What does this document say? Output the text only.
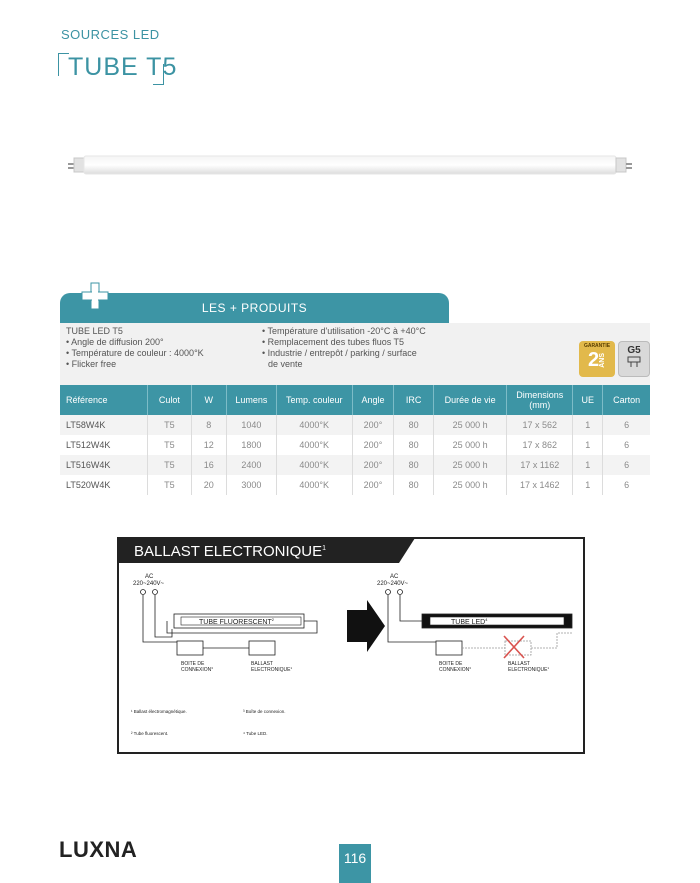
SOURCES LED
TUBE T5
LES + PRODUITS
TUBE LED T5
• Angle de diffusion 200°
• Température de couleur : 4000°K
• Flicker free
• Température d'utilisation -20°C à +40°C
• Remplacement des tubes fluos T5
• Industrie / entrepôt / parking / surface
de vente
GARANTIE
2 ANS
G5
Référence	Culot	W	Lumens	Temp. couleur	Angle	IRC	Durée de vie	Dimensions (mm)	UE	Carton
LT58W4K	T5	8	1040	4000°K	200°	80	25 000 h	17 x 562	1	6
LT512W4K	T5	12	1800	4000°K	200°	80	25 000 h	17 x 862	1	6
LT516W4K	T5	16	2400	4000°K	200°	80	25 000 h	17 x 1162	1	6
LT520W4K	T5	20	3000	4000°K	200°	80	25 000 h	17 x 1462	1	6
BALLAST ELECTRONIQUE$^1$
AC
220~240V~
TUBE FLUORESCENT$^2$
BOITE DE
CONNEXION$^3$
BALLAST
ELECTRONIQUE$^1$
AC
220~240V~
TUBE LED$^4$
BOITE DE
CONNEXION$^3$
BALLAST
ELECTRONIQUE$^1$
¹ Ballast électromagnétique.	³ Boîte de connexion.
² Tube fluorescent.	⁴ Tube LED.
LUXNA	116
